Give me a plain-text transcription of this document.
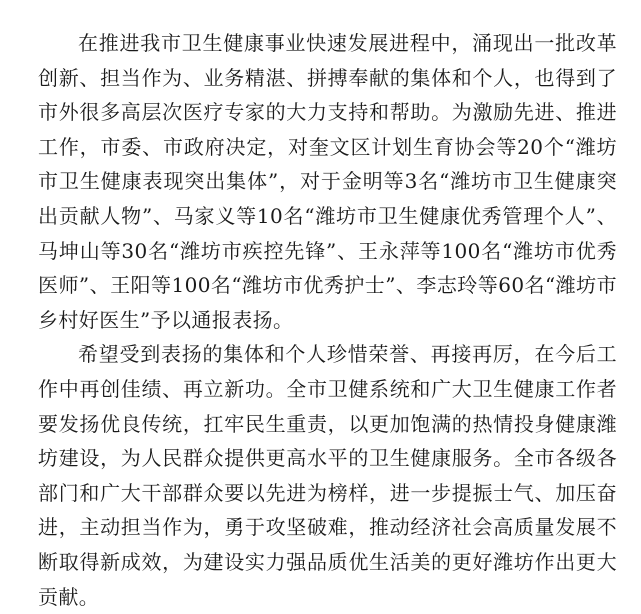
在推进我市卫生健康事业快速发展进程中，涌现出一批改革创新、担当作为、业务精湛、拼搏奉献的集体和个人，也得到了市外很多高层次医疗专家的大力支持和帮助。为激励先进、推进工作，市委、市政府决定，对奎文区计划生育协会等20个“潍坊市卫生健康表现突出集体”，对于金明等3名“潍坊市卫生健康突出贡献人物”、马家义等10名“潍坊市卫生健康优秀管理个人”、马坤山等30名“潍坊市疾控先锋”、王永萍等100名“潍坊市优秀医师”、王阳等100名“潍坊市优秀护士”、李志玲等60名“潍坊市乡村好医生”予以通报表扬。

希望受到表扬的集体和个人珍惜荣誉、再接再厉，在今后工作中再创佳绩、再立新功。全市卫健系统和广大卫生健康工作者要发扬优良传统，扛牢民生重责，以更加饱满的热情投身健康潍坊建设，为人民群众提供更高水平的卫生健康服务。全市各级各部门和广大干部群众要以先进为榜样，进一步提振士气、加压奋进，主动担当作为，勇于攻坚破难，推动经济社会高质量发展不断取得新成效，为建设实力强品质优生活美的更好潍坊作出更大贡献。
